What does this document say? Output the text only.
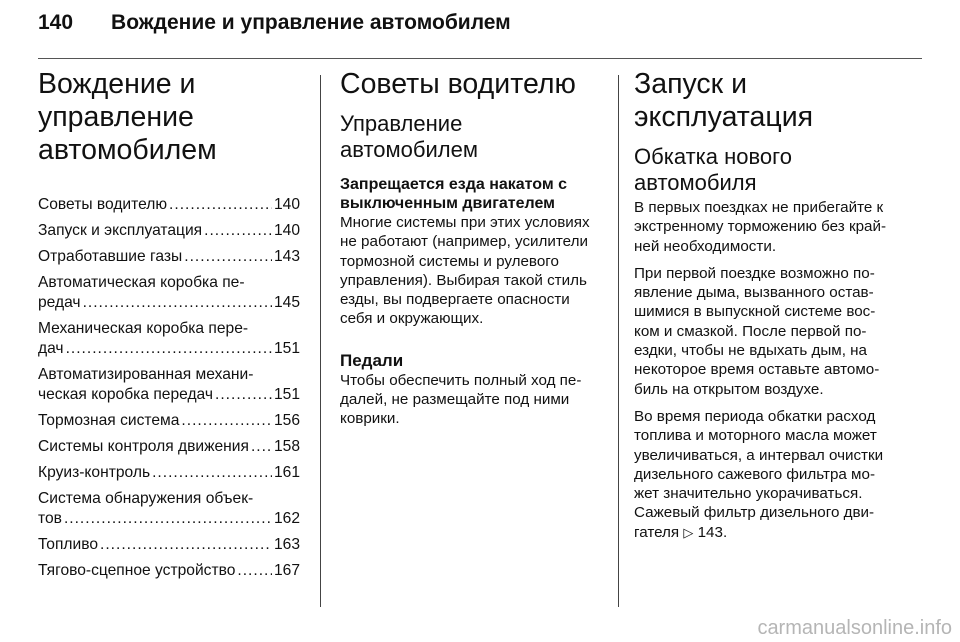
140 Вождение и управление автомобилем
Вождение и
управление
автомобилем
Советы водителю .....	140
Запуск и эксплуатация .....	140
Отработавшие газы .....	143
Автоматическая коробка пе-
редач .....	145
Механическая коробка пере-
дач .....	151
Автоматизированная механи-
ческая коробка передач .....	151
Тормозная система .....	156
Системы контроля движения ..... 158
Круиз-контроль .....	161
Система обнаружения объек-
тов .....	162
Топливо .....	163
Тягово-сцепное устройство ..... 167
Советы водителю
Управление
автомобилем
Запрещается езда накатом с
выключенным двигателем

Многие системы при этих условиях
не работают (например, усилители
тормозной системы и рулевого
управления). Выбирая такой стиль
езды, вы подвергаете опасности
себя и окружающих.

Педали

Чтобы обеспечить полный ход пе-
далей, не размещайте под ними
коврики.

Запуск и эксплуатация
Обкатка нового
автомобиля

В первых поездках не прибегайте к
экстренному торможению без край-
ней необходимости.

При первой поездке возможно по-
явление дыма, вызванного остав-
шимися в выпускной системе вос-
ком и смазкой. После первой по-
ездки, чтобы не вдыхать дым, на
некоторое время оставьте автомо-
биль на открытом воздухе.

Во время периода обкатки расход
топлива и моторного масла может
увеличиваться, а интервал очистки
дизельного сажевого фильтра мо-
жет значительно укорачиваться.
Сажевый фильтр дизельного дви-
гателя ▷ 143.

carmanualsonline.info
